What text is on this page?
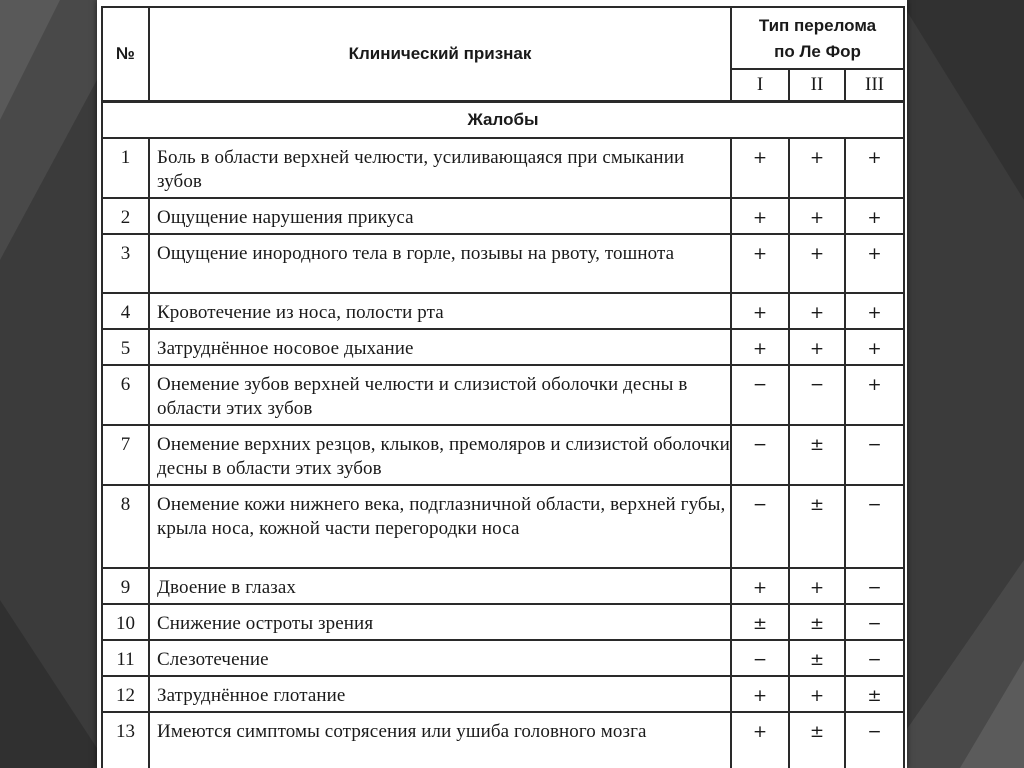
№	Клинический признак	Тип перелома
по Ле Фор		

		I	II	III
Жалобы				
1	Боль в области верхней челюсти, усиливающаяся при смыкании зубов	+	+	+
2	Ощущение нарушения прикуса	+	+	+
3	Ощущение инородного тела в горле, позывы на рвоту, тошнота	+	+	+
4	Кровотечение из носа, полости рта	+	+	+
5	Затруднённое носовое дыхание	+	+	+
6	Онемение зубов верхней челюсти и слизистой оболочки десны в области этих зубов	−	−	+
7	Онемение верхних резцов, клыков, премоляров и слизистой оболочки десны в области этих зубов	−	±	−
8	Онемение кожи нижнего века, подглазничной области, верхней губы, крыла носа, кожной части перегородки носа	−	±	−
9	Двоение в глазах	+	+	−
10	Снижение остроты зрения	±	±	−
11	Слезотечение	−	±	−
12	Затруднённое глотание	+	+	±
13	Имеются симптомы сотрясения или ушиба головного мозга	+	±	−
